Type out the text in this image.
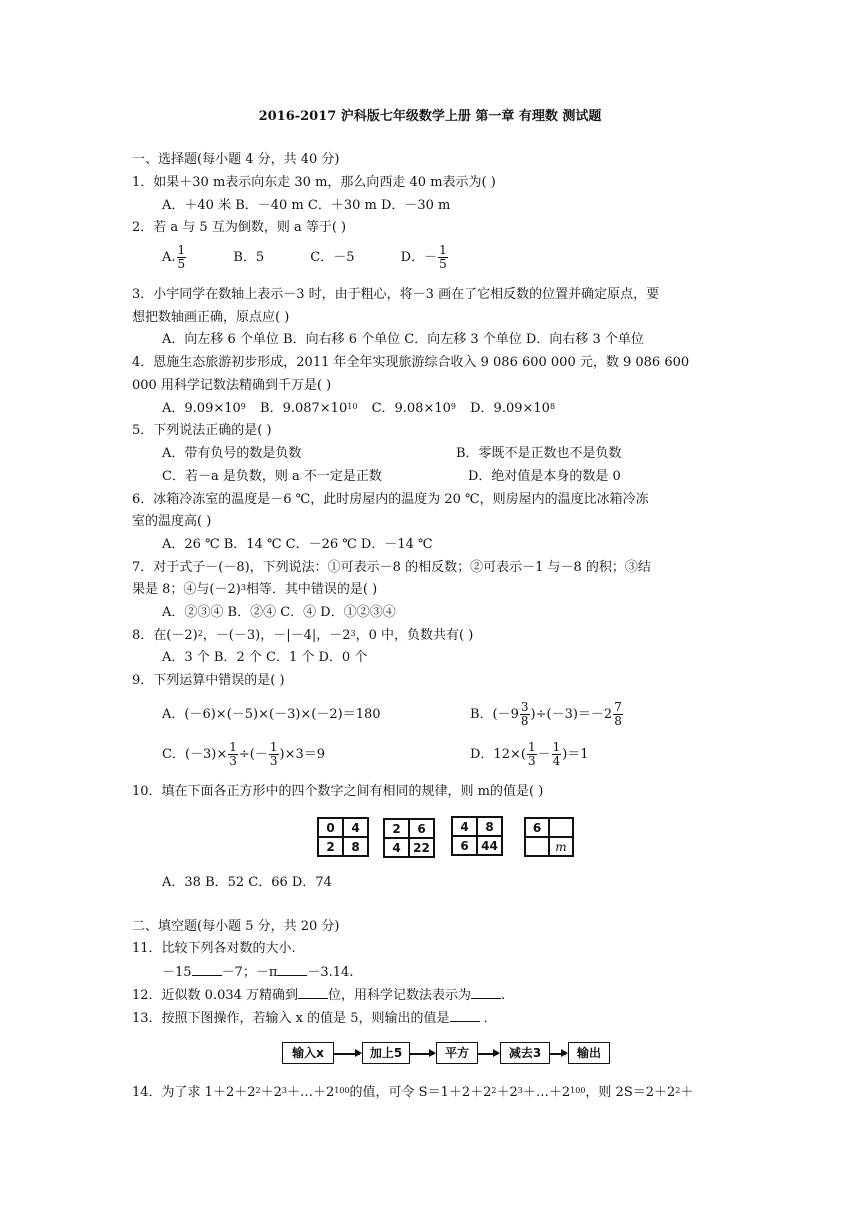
2016-2017 沪科版七年级数学上册 第一章 有理数 测试题
一、选择题(每小题 4 分，共 40 分)
1．如果＋30 m表示向东走 30 m，那么向西走 40 m表示为( )
A．＋40 米 B．－40 m C．＋30 m D．－30 m
2．若 a 与 5 互为倒数，则 a 等于( )
A. $\frac{1}{5}$	B．5	C．－5	D．－ $\frac{1}{5}$
3．小宇同学在数轴上表示－3 时，由于粗心，将－3 画在了它相反数的位置并确定原点，要
想把数轴画正确，原点应( )
A．向左移 6 个单位 B．向右移 6 个单位 C．向左移 3 个单位 D．向右移 3 个单位
4．恩施生态旅游初步形成，2011 年全年实现旅游综合收入 9 086 600 000 元，数 9 086 600
000 用科学记数法精确到千万是( )
A．$9.09\times 10^9$ B．$9.087\times 10^{10}$ C．$9.08\times 10^9$ D．$9.09\times 10^8$
5．下列说法正确的是( )
A．带有负号的数是负数	B．零既不是正数也不是负数
C．若－a 是负数，则 a 不一定是正数	D．绝对值是本身的数是 0
6．冰箱冷冻室的温度是－6 ℃，此时房屋内的温度为 20 ℃，则房屋内的温度比冰箱冷冻
室的温度高( )
A．26 ℃ B．14 ℃ C．－26 ℃ D．－14 ℃
7．对于式子－(－8)，下列说法：①可表示－8 的相反数；②可表示－1 与－8 的积；③结
果是 8；④与$(-2)^3$相等．其中错误的是( )
A．②③④ B．②④ C．④ D．①②③④
8．在$(-2)^2$，－(－3)，－|－4|，$-2^3$，0 中，负数共有( )
A．3 个 B．2 个 C．1 个 D．0 个
9．下列运算中错误的是( )
A．(－6)×(－5)×(－3)×(－2)＝180	B．$(-9 \frac{3}{8} )\div(-3)=-2 \frac{7}{8}$
C．$(-3)\times \frac{1}{3}$ ÷(－ $\frac{1}{3} )\times 3=9$	D．$12\times( \frac{1}{3} - \frac{1}{4} )=1$
10．填在下面各正方形中的四个数字之间有相同的规律，则 m的值是( )
0	4
2	8
2	6
4	22
4	8
6	44
6
m
A．38 B．52 C．66 D．74
二、填空题(每小题 5 分，共 20 分)
11．比较下列各对数的大小.
－15 －7；－π －3.14.
12．近似数 0.034 万精确到 位，用科学记数法表示为 .
13．按照下图操作，若输入 x 的值是 5，则输出的值是 ．
输入x	加上5	平方	减去3	输出
14．为了求 $1+2+2^2+2^3+\dots+2^{100}$的值，可令 $S=1+2+2^2+2^3+\dots+2^{100}$，则 $2S=2+2^2+$
